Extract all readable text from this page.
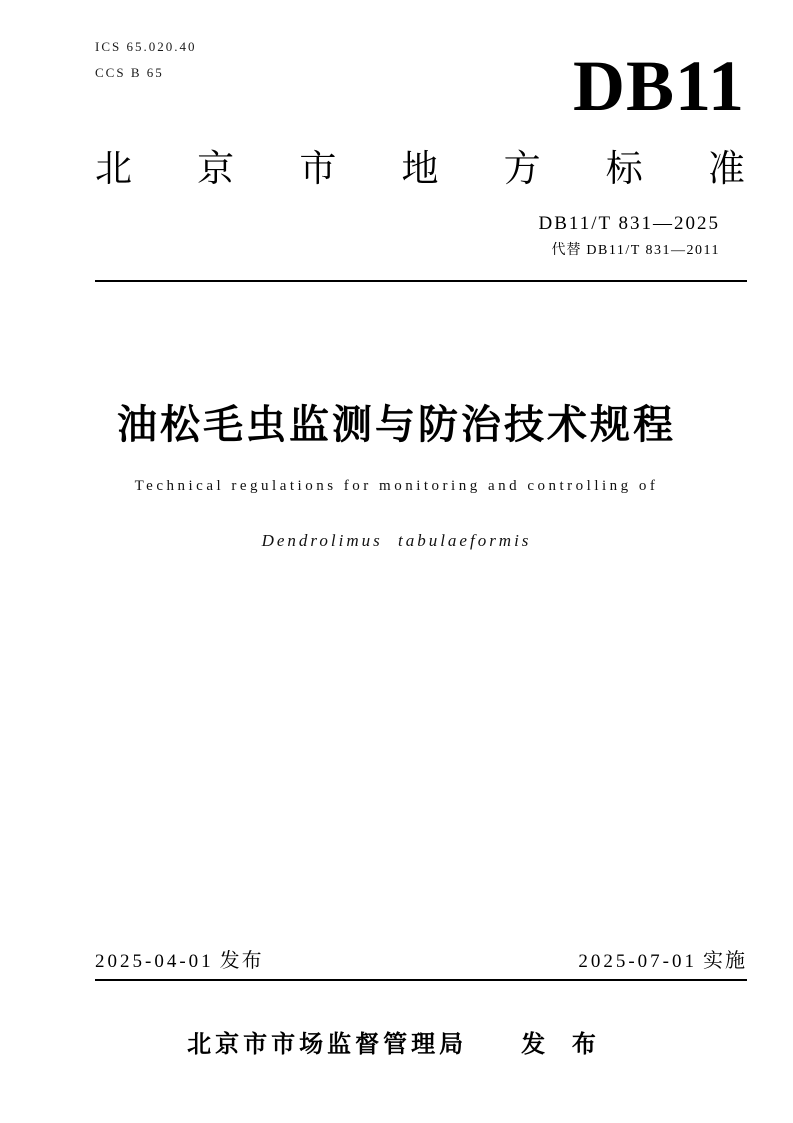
ICS 65.020.40
CCS B 65	DB11
北 京 市 地 方 标 准
DB11/T 831—2025
代替 DB11/T 831—2011
油松毛虫监测与防治技术规程
Technical regulations for monitoring and controlling of
Dendrolimus tabulaeformis
2025-04-01 发布	2025-07-01 实施
北京市市场监督管理局 发 布
